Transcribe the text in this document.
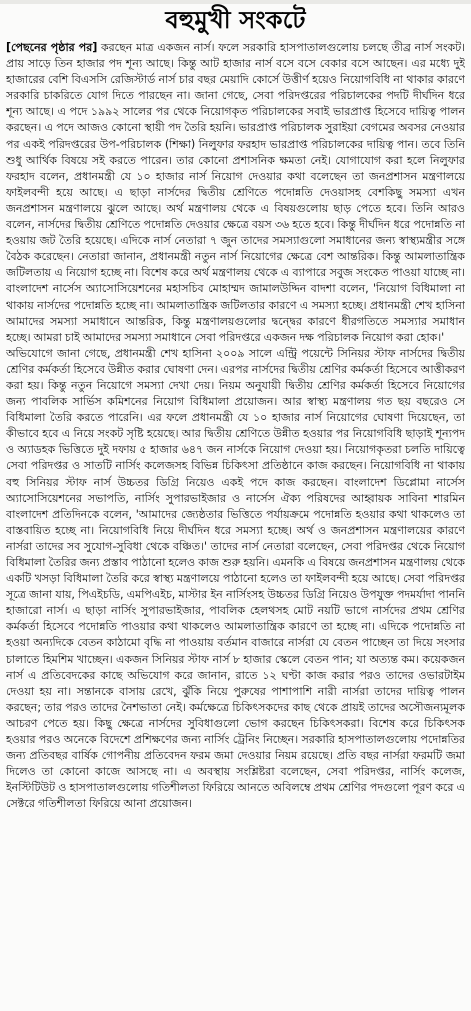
বহুমুখী সংকটে

[পেছনের পৃষ্ঠার পর] করছেন মাত্র একজন নার্স। ফলে সরকারি হাসপাতালগুলোয় চলছে তীব্র নার্স সংকট। প্রায় সাড়ে তিন হাজার পদ শূন্য আছে। কিন্তু আট হাজার নার্স বসে বসে বেকার বসে আছেন। এর মধ্যে দুই হাজারের বেশি বিএসসি রেজিস্টার্ড নার্স চার বছর মেয়াদি কোর্সে উত্তীর্ণ হয়েও নিয়োগবিধি না থাকার কারণে সরকারি চাকরিতে যোগ দিতে পারছেন না। জানা গেছে, সেবা পরিদপ্তরের পরিচালকের পদটি দীর্ঘদিন ধরে শূন্য আছে। এ পদে ১৯৯২ সালের পর থেকে নিয়োগকৃত পরিচালকের সবাই ভারপ্রাপ্ত হিসেবে দায়িত্ব পালন করছেন। এ পদে আজও কোনো স্থায়ী পদ তৈরি হয়নি। ভারপ্রাপ্ত পরিচালক সুরাইয়া বেগমের অবসর নেওয়ার পর একই পরিদপ্তরের উপ-পরিচালক (শিক্ষা) নিলুফার ফরহাদ ভারপ্রাপ্ত পরিচালকের দায়িত্ব পান। তবে তিনি শুধু আর্থিক বিষয়ে সই করতে পারেন। তার কোনো প্রশাসনিক ক্ষমতা নেই। যোগাযোগ করা হলে নিলুফার ফরহাদ বলেন, প্রধানমন্ত্রী যে ১০ হাজার নার্স নিয়োগ দেওয়ার কথা বলেছেন তা জনপ্রশাসন মন্ত্রণালয়ে ফাইলবন্দী হয়ে আছে। এ ছাড়া নার্সদের দ্বিতীয় শ্রেণিতে পদোন্নতি দেওয়াসহ বেশকিছু সমস্যা এখন জনপ্রশাসন মন্ত্রণালয়ে ঝুলে আছে। অর্থ মন্ত্রণালয় থেকে এ বিষয়গুলোয় ছাড় পেতে হবে। তিনি আরও বলেন, নার্সদের দ্বিতীয় শ্রেণিতে পদোন্নতি দেওয়ার ক্ষেত্রে বয়স ৩৬ হতে হবে। কিন্তু দীর্ঘদিন ধরে পদোন্নতি না হওয়ায় জট তৈরি হয়েছে। এদিকে নার্স নেতারা ৭ জুন তাদের সমস্যাগুলো সমাধানের জন্য স্বাস্থ্যমন্ত্রীর সঙ্গে বৈঠক করেছেন। নেতারা জানান, প্রধানমন্ত্রী নতুন নার্স নিয়োগের ক্ষেত্রে বেশ আন্তরিক। কিন্তু আমলাতান্ত্রিক জটিলতায় এ নিয়োগ হচ্ছে না। বিশেষ করে অর্থ মন্ত্রণালয় থেকে এ ব্যাপারে সবুজ সংকেত পাওয়া যাচ্ছে না। বাংলাদেশ নার্সেস অ্যাসোসিয়েশনের মহাসচিব মোহাম্মদ জামালউদ্দিন বাদশা বলেন, 'নিয়োগ বিধিমালা না থাকায় নার্সদের পদোন্নতি হচ্ছে না। আমলাতান্ত্রিক জটিলতার কারণে এ সমস্যা হচ্ছে। প্রধানমন্ত্রী শেখ হাসিনা আমাদের সমস্যা সমাধানে আন্তরিক, কিন্তু মন্ত্রণালয়গুলোর দ্বন্দ্বের কারণে ধীরগতিতে সমস্যার সমাধান হচ্ছে। আমরা চাই আমাদের সমস্যা সমাধানে সেবা পরিদপ্তরে একজন দক্ষ পরিচালক নিয়োগ করা হোক।'

অভিযোগে জানা গেছে, প্রধানমন্ত্রী শেখ হাসিনা ২০০৯ সালে এন্ট্রি পয়েন্টে সিনিয়র স্টাফ নার্সদের দ্বিতীয় শ্রেণির কর্মকর্তা হিসেবে উন্নীত করার ঘোষণা দেন। এরপর নার্সদের দ্বিতীয় শ্রেণির কর্মকর্তা হিসেবে আত্তীকরণ করা হয়। কিন্তু নতুন নিয়োগে সমস্যা দেখা দেয়। নিয়ম অনুযায়ী দ্বিতীয় শ্রেণির কর্মকর্তা হিসেবে নিয়োগের জন্য পাবলিক সার্ভিস কমিশনের নিয়োগ বিধিমালা প্রয়োজন। আর স্বাস্থ্য মন্ত্রণালয় গত ছয় বছরেও সে বিধিমালা তৈরি করতে পারেনি। এর ফলে প্রধানমন্ত্রী যে ১০ হাজার নার্স নিয়োগের ঘোষণা দিয়েছেন, তা কীভাবে হবে এ নিয়ে সংকট সৃষ্টি হয়েছে। আর দ্বিতীয় শ্রেণিতে উন্নীত হওয়ার পর নিয়োগবিধি ছাড়াই শূন্যপদ ও অ্যাডহক ভিত্তিতে দুই দফায় ৫ হাজার ৬৪৭ জন নার্সকে নিয়োগ দেওয়া হয়। নিয়োগকৃতরা চলতি দায়িত্বে সেবা পরিদপ্তর ও সাতটি নার্সিং কলেজসহ বিভিন্ন চিকিৎসা প্রতিষ্ঠানে কাজ করছেন। নিয়োগবিধি না থাকায় বহু সিনিয়র স্টাফ নার্স উচ্চতর ডিগ্রি নিয়েও একই পদে কাজ করছেন। বাংলাদেশ ডিপ্লোমা নার্সেস অ্যাসোসিয়েশনের সভাপতি, নার্সিং সুপারভাইজার ও নার্সেস ঐক্য পরিষদের আহ্বায়ক সাবিনা শারমিন বাংলাদেশ প্রতিদিনকে বলেন, 'আমাদের জ্যেষ্ঠতার ভিত্তিতে পর্যায়ক্রমে পদোন্নতি হওয়ার কথা থাকলেও তা বাস্তবায়িত হচ্ছে না। নিয়োগবিধি নিয়ে দীর্ঘদিন ধরে সমস্যা হচ্ছে। অর্থ ও জনপ্রশাসন মন্ত্রণালয়ের কারণে নার্সরা তাদের সব সুযোগ-সুবিধা থেকে বঞ্চিত।' তাদের নার্স নেতারা বলেছেন, সেবা পরিদপ্তর থেকে নিয়োগ বিধিমালা তৈরির জন্য প্রস্তাব পাঠানো হলেও কাজ শুরু হয়নি। এমনকি এ বিষয়ে জনপ্রশাসন মন্ত্রণালয় থেকে একটি খসড়া বিধিমালা তৈরি করে স্বাস্থ্য মন্ত্রণালয়ে পাঠানো হলেও তা ফাইলবন্দী হয়ে আছে। সেবা পরিদপ্তর সূত্রে জানা যায়, পিএইচডি, এমপিএইচ, মাস্টার ইন নার্সিংসহ উচ্চতর ডিগ্রি নিয়েও উপযুক্ত পদমর্যাদা পাননি হাজারো নার্স। এ ছাড়া নার্সিং সুপারভাইজার, পাবলিক হেলথসহ মোট নয়টি ভাগে নার্সদের প্রথম শ্রেণির কর্মকর্তা হিসেবে পদোন্নতি পাওয়ার কথা থাকলেও আমলাতান্ত্রিক কারণে তা হচ্ছে না। এদিকে পদোন্নতি না হওয়া অন্যদিকে বেতন কাঠামো বৃদ্ধি না পাওয়ায় বর্তমান বাজারে নার্সরা যে বেতন পাচ্ছেন তা দিয়ে সংসার চালাতে হিমশিম খাচ্ছেন। একজন সিনিয়র স্টাফ নার্স ৮ হাজার স্কেলে বেতন পান; যা অত্যন্ত কম। কয়েকজন নার্স এ প্রতিবেদকের কাছে অভিযোগ করে জানান, রাতে ১২ ঘণ্টা কাজ করার পরও তাদের ওভারটাইম দেওয়া হয় না। সন্তানকে বাসায় রেখে, ঝুঁকি নিয়ে পুরুষের পাশাপাশি নারী নার্সরা তাদের দায়িত্ব পালন করছেন; তার পরও তাদের নৈশভাতা নেই। কর্মক্ষেত্রে চিকিৎসকদের কাছ থেকে প্রায়ই তাদের অসৌজন্যমূলক আচরণ পেতে হয়। কিছু ক্ষেত্রে নার্সদের সুবিধাগুলো ভোগ করছেন চিকিৎসকরা। বিশেষ করে চিকিৎসক হওয়ার পরও অনেকে বিদেশে প্রশিক্ষণের জন্য নার্সিং ট্রেনিং নিচ্ছেন। সরকারি হাসপাতালগুলোয় পদোন্নতির জন্য প্রতিবছর বার্ষিক গোপনীয় প্রতিবেদন ফরম জমা দেওয়ার নিয়ম রয়েছে। প্রতি বছর নার্সরা ফরমটি জমা দিলেও তা কোনো কাজে আসছে না। এ অবস্থায় সংশ্লিষ্টরা বলেছেন, সেবা পরিদপ্তর, নার্সিং কলেজ, ইনস্টিটিউট ও হাসপাতালগুলোয় গতিশীলতা ফিরিয়ে আনতে অবিলম্বে প্রথম শ্রেণির পদগুলো পূরণ করে এ সেক্টরে গতিশীলতা ফিরিয়ে আনা প্রয়োজন।
